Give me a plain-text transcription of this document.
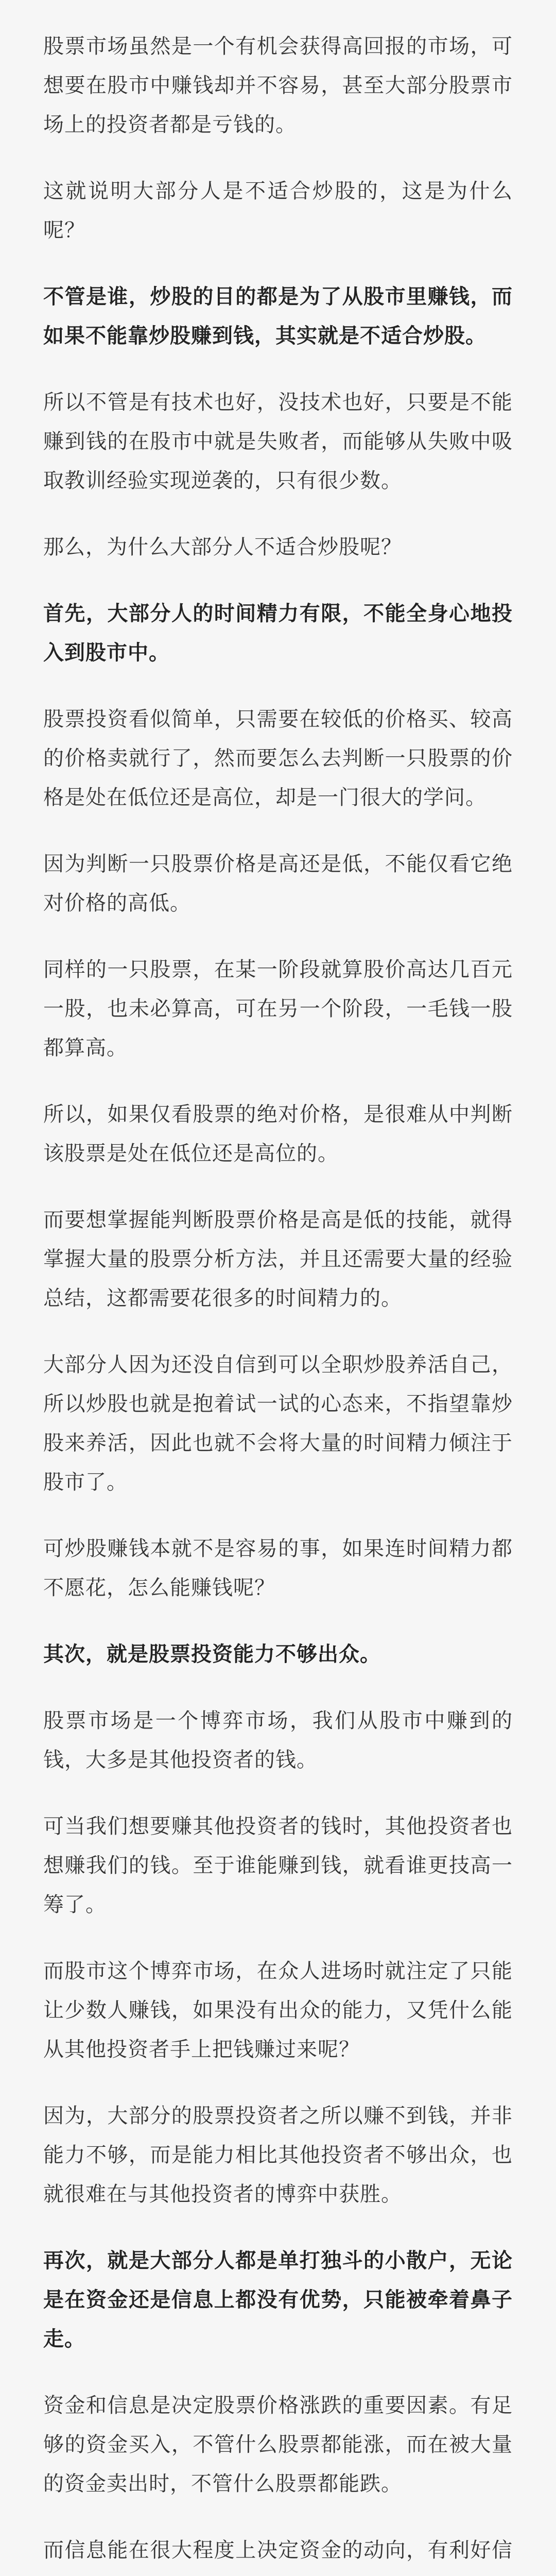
股票市场虽然是一个有机会获得高回报的市场，可想要在股市中赚钱却并不容易，甚至大部分股票市场上的投资者都是亏钱的。

这就说明大部分人是不适合炒股的，这是为什么呢？

不管是谁，炒股的目的都是为了从股市里赚钱，而如果不能靠炒股赚到钱，其实就是不适合炒股。

所以不管是有技术也好，没技术也好，只要是不能赚到钱的在股市中就是失败者，而能够从失败中吸取教训经验实现逆袭的，只有很少数。

那么，为什么大部分人不适合炒股呢？

首先，大部分人的时间精力有限，不能全身心地投入到股市中。

股票投资看似简单，只需要在较低的价格买、较高的价格卖就行了，然而要怎么去判断一只股票的价格是处在低位还是高位，却是一门很大的学问。

因为判断一只股票价格是高还是低，不能仅看它绝对价格的高低。

同样的一只股票，在某一阶段就算股价高达几百元一股，也未必算高，可在另一个阶段，一毛钱一股都算高。

所以，如果仅看股票的绝对价格，是很难从中判断该股票是处在低位还是高位的。

而要想掌握能判断股票价格是高是低的技能，就得掌握大量的股票分析方法，并且还需要大量的经验总结，这都需要花很多的时间精力的。

大部分人因为还没自信到可以全职炒股养活自己，所以炒股也就是抱着试一试的心态来，不指望靠炒股来养活，因此也就不会将大量的时间精力倾注于股市了。

可炒股赚钱本就不是容易的事，如果连时间精力都不愿花，怎么能赚钱呢？

其次，就是股票投资能力不够出众。

股票市场是一个博弈市场，我们从股市中赚到的钱，大多是其他投资者的钱。

可当我们想要赚其他投资者的钱时，其他投资者也想赚我们的钱。至于谁能赚到钱，就看谁更技高一筹了。

而股市这个博弈市场，在众人进场时就注定了只能让少数人赚钱，如果没有出众的能力，又凭什么能从其他投资者手上把钱赚过来呢？

因为，大部分的股票投资者之所以赚不到钱，并非能力不够，而是能力相比其他投资者不够出众，也就很难在与其他投资者的博弈中获胜。

再次，就是大部分人都是单打独斗的小散户，无论是在资金还是信息上都没有优势，只能被牵着鼻子走。

资金和信息是决定股票价格涨跌的重要因素。有足够的资金买入，不管什么股票都能涨，而在被大量的资金卖出时，不管什么股票都能跌。

而信息能在很大程度上决定资金的动向，有利好信
